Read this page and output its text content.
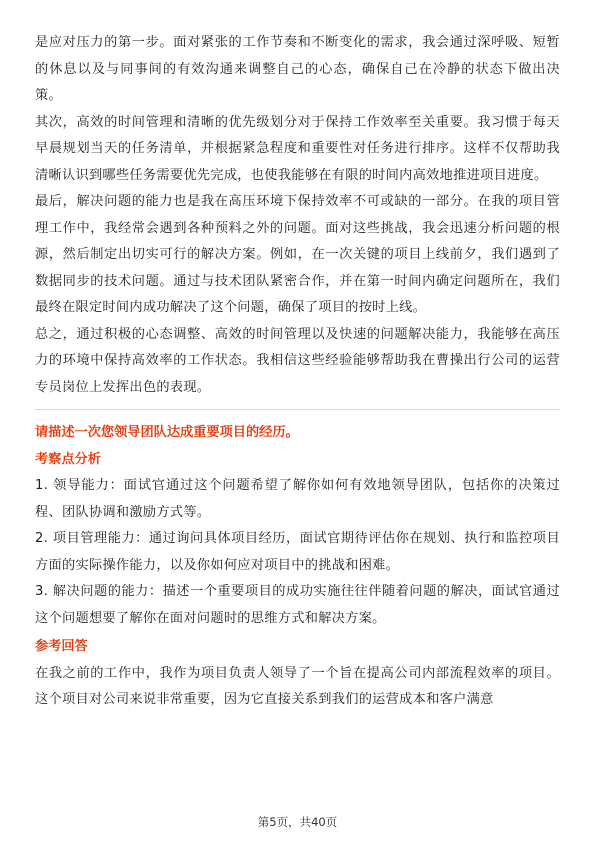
是应对压力的第一步。面对紧张的工作节奏和不断变化的需求，我会通过深呼吸、短暂的休息以及与同事间的有效沟通来调整自己的心态，确保自己在冷静的状态下做出决策。

其次，高效的时间管理和清晰的优先级划分对于保持工作效率至关重要。我习惯于每天早晨规划当天的任务清单，并根据紧急程度和重要性对任务进行排序。这样不仅帮助我清晰认识到哪些任务需要优先完成，也使我能够在有限的时间内高效地推进项目进度。

最后，解决问题的能力也是我在高压环境下保持效率不可或缺的一部分。在我的项目管理工作中，我经常会遇到各种预料之外的问题。面对这些挑战，我会迅速分析问题的根源，然后制定出切实可行的解决方案。例如，在一次关键的项目上线前夕，我们遇到了数据同步的技术问题。通过与技术团队紧密合作，并在第一时间内确定问题所在，我们最终在限定时间内成功解决了这个问题，确保了项目的按时上线。

总之，通过积极的心态调整、高效的时间管理以及快速的问题解决能力，我能够在高压力的环境中保持高效率的工作状态。我相信这些经验能够帮助我在曹操出行公司的运营专员岗位上发挥出色的表现。

请描述一次您领导团队达成重要项目的经历。

考察点分析

1. 领导能力：面试官通过这个问题希望了解你如何有效地领导团队，包括你的决策过程、团队协调和激励方式等。

2. 项目管理能力：通过询问具体项目经历，面试官期待评估你在规划、执行和监控项目方面的实际操作能力，以及你如何应对项目中的挑战和困难。

3. 解决问题的能力：描述一个重要项目的成功实施往往伴随着问题的解决，面试官通过这个问题想要了解你在面对问题时的思维方式和解决方案。

参考回答

在我之前的工作中，我作为项目负责人领导了一个旨在提高公司内部流程效率的项目。这个项目对公司来说非常重要，因为它直接关系到我们的运营成本和客户满意

第5页，共40页
